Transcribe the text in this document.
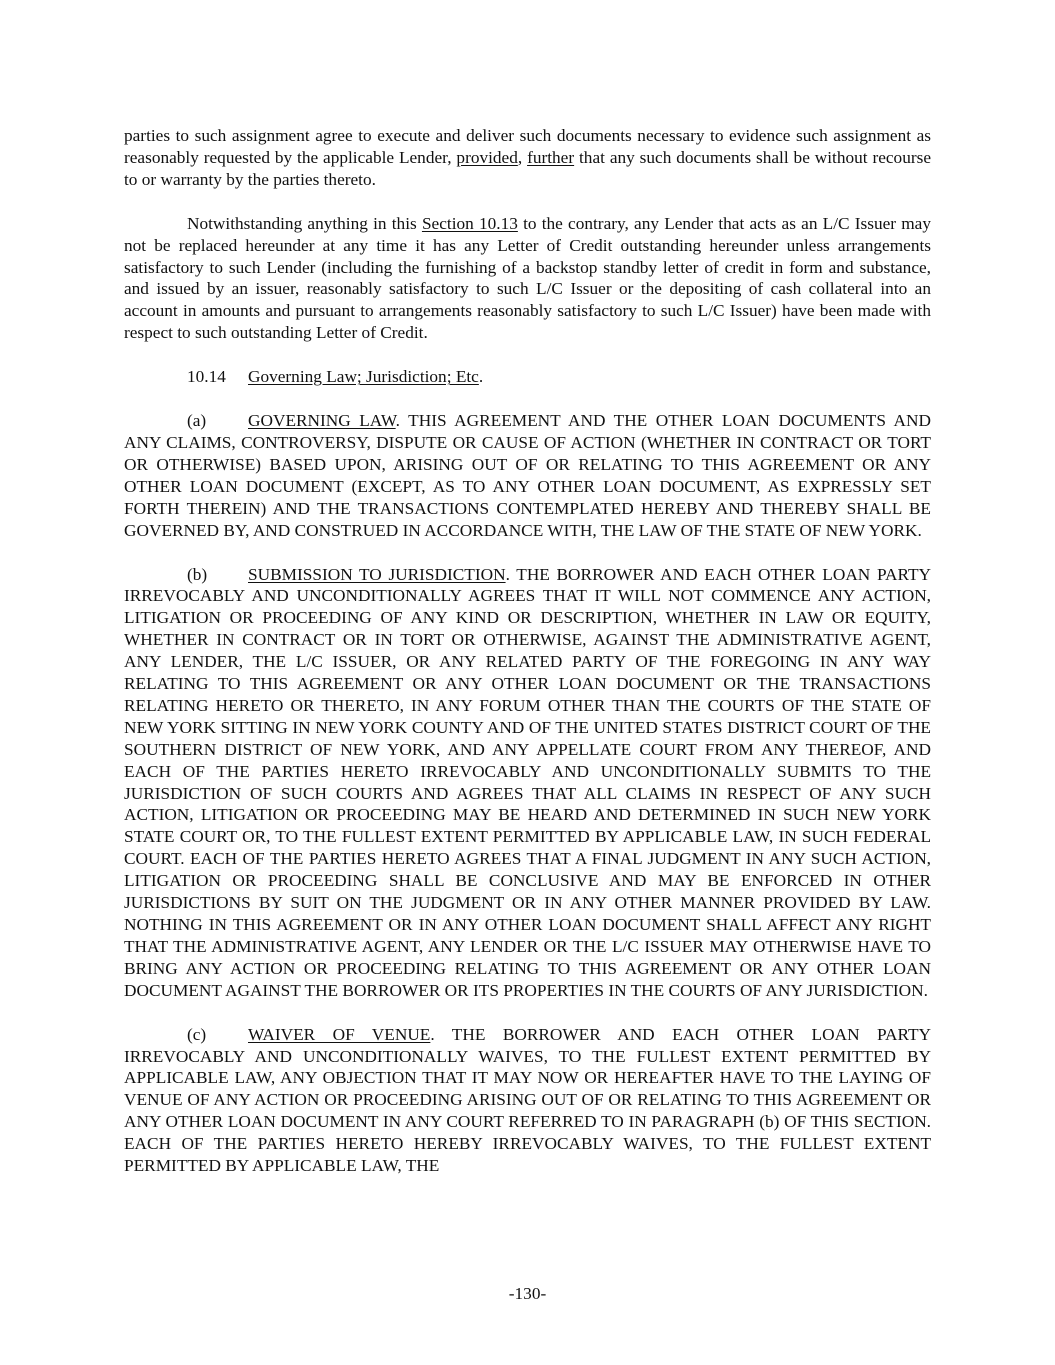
parties to such assignment agree to execute and deliver such documents necessary to evidence such assignment as reasonably requested by the applicable Lender, provided, further that any such documents shall be without recourse to or warranty by the parties thereto.

Notwithstanding anything in this Section 10.13 to the contrary, any Lender that acts as an L/C Issuer may not be replaced hereunder at any time it has any Letter of Credit outstanding hereunder unless arrangements satisfactory to such Lender (including the furnishing of a backstop standby letter of credit in form and substance, and issued by an issuer, reasonably satisfactory to such L/C Issuer or the depositing of cash collateral into an account in amounts and pursuant to arrangements reasonably satisfactory to such L/C Issuer) have been made with respect to such outstanding Letter of Credit.

10.14 Governing Law; Jurisdiction; Etc.

(a) GOVERNING LAW. THIS AGREEMENT AND THE OTHER LOAN DOCUMENTS AND ANY CLAIMS, CONTROVERSY, DISPUTE OR CAUSE OF ACTION (WHETHER IN CONTRACT OR TORT OR OTHERWISE) BASED UPON, ARISING OUT OF OR RELATING TO THIS AGREEMENT OR ANY OTHER LOAN DOCUMENT (EXCEPT, AS TO ANY OTHER LOAN DOCUMENT, AS EXPRESSLY SET FORTH THEREIN) AND THE TRANSACTIONS CONTEMPLATED HEREBY AND THEREBY SHALL BE GOVERNED BY, AND CONSTRUED IN ACCORDANCE WITH, THE LAW OF THE STATE OF NEW YORK.

(b) SUBMISSION TO JURISDICTION. THE BORROWER AND EACH OTHER LOAN PARTY IRREVOCABLY AND UNCONDITIONALLY AGREES THAT IT WILL NOT COMMENCE ANY ACTION, LITIGATION OR PROCEEDING OF ANY KIND OR DESCRIPTION, WHETHER IN LAW OR EQUITY, WHETHER IN CONTRACT OR IN TORT OR OTHERWISE, AGAINST THE ADMINISTRATIVE AGENT, ANY LENDER, THE L/C ISSUER, OR ANY RELATED PARTY OF THE FOREGOING IN ANY WAY RELATING TO THIS AGREEMENT OR ANY OTHER LOAN DOCUMENT OR THE TRANSACTIONS RELATING HERETO OR THERETO, IN ANY FORUM OTHER THAN THE COURTS OF THE STATE OF NEW YORK SITTING IN NEW YORK COUNTY AND OF THE UNITED STATES DISTRICT COURT OF THE SOUTHERN DISTRICT OF NEW YORK, AND ANY APPELLATE COURT FROM ANY THEREOF, AND EACH OF THE PARTIES HERETO IRREVOCABLY AND UNCONDITIONALLY SUBMITS TO THE JURISDICTION OF SUCH COURTS AND AGREES THAT ALL CLAIMS IN RESPECT OF ANY SUCH ACTION, LITIGATION OR PROCEEDING MAY BE HEARD AND DETERMINED IN SUCH NEW YORK STATE COURT OR, TO THE FULLEST EXTENT PERMITTED BY APPLICABLE LAW, IN SUCH FEDERAL COURT. EACH OF THE PARTIES HERETO AGREES THAT A FINAL JUDGMENT IN ANY SUCH ACTION, LITIGATION OR PROCEEDING SHALL BE CONCLUSIVE AND MAY BE ENFORCED IN OTHER JURISDICTIONS BY SUIT ON THE JUDGMENT OR IN ANY OTHER MANNER PROVIDED BY LAW. NOTHING IN THIS AGREEMENT OR IN ANY OTHER LOAN DOCUMENT SHALL AFFECT ANY RIGHT THAT THE ADMINISTRATIVE AGENT, ANY LENDER OR THE L/C ISSUER MAY OTHERWISE HAVE TO BRING ANY ACTION OR PROCEEDING RELATING TO THIS AGREEMENT OR ANY OTHER LOAN DOCUMENT AGAINST THE BORROWER OR ITS PROPERTIES IN THE COURTS OF ANY JURISDICTION.

(c) WAIVER OF VENUE. THE BORROWER AND EACH OTHER LOAN PARTY IRREVOCABLY AND UNCONDITIONALLY WAIVES, TO THE FULLEST EXTENT PERMITTED BY APPLICABLE LAW, ANY OBJECTION THAT IT MAY NOW OR HEREAFTER HAVE TO THE LAYING OF VENUE OF ANY ACTION OR PROCEEDING ARISING OUT OF OR RELATING TO THIS AGREEMENT OR ANY OTHER LOAN DOCUMENT IN ANY COURT REFERRED TO IN PARAGRAPH (b) OF THIS SECTION. EACH OF THE PARTIES HERETO HEREBY IRREVOCABLY WAIVES, TO THE FULLEST EXTENT PERMITTED BY APPLICABLE LAW, THE

-130-
